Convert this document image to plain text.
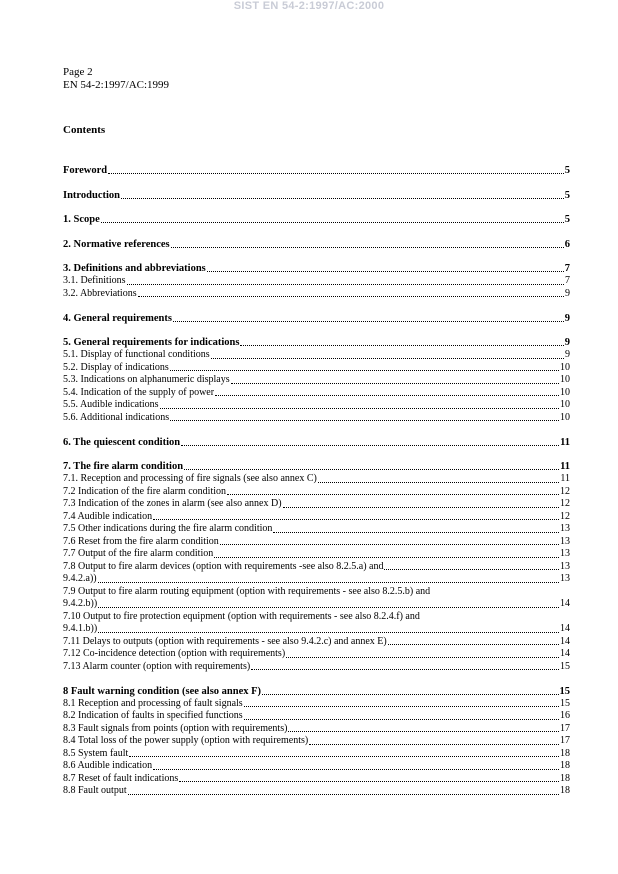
SIST EN 54-2:1997/AC:2000
Page 2
EN 54-2:1997/AC:1999
Contents
Foreword	5
Introduction	5
1. Scope	5
2. Normative references	6
3. Definitions and abbreviations	7
3.1. Definitions	7
3.2. Abbreviations	9
4. General requirements	9
5. General requirements for indications	9
5.1. Display of functional conditions	9
5.2. Display of indications	10
5.3. Indications on alphanumeric displays	10
5.4. Indication of the supply of power	10
5.5. Audible indications	10
5.6. Additional indications	10
6. The quiescent condition	11
7. The fire alarm condition	11
7.1. Reception and processing of fire signals (see also annex C)	11
7.2 Indication of the fire alarm condition	12
7.3 Indication of the zones in alarm (see also annex D)	12
7.4 Audible indication	12
7.5 Other indications during the fire alarm condition	13
7.6 Reset from the fire alarm condition	13
7.7 Output of the fire alarm condition	13
7.8 Output to fire alarm devices (option with requirements -see also 8.2.5.a) and	13
9.4.2.a))	13
7.9 Output to fire alarm routing equipment (option with requirements - see also 8.2.5.b) and
9.4.2.b))	14
7.10 Output to fire protection equipment (option with requirements - see also 8.2.4.f) and
9.4.1.b))	14
7.11 Delays to outputs (option with requirements - see also 9.4.2.c) and annex E)	14
7.12 Co-incidence detection (option with requirements)	14
7.13 Alarm counter (option with requirements)	15
8 Fault warning condition (see also annex F)	15
8.1 Reception and processing of fault signals	15
8.2 Indication of faults in specified functions	16
8.3 Fault signals from points (option with requirements)	17
8.4 Total loss of the power supply (option with requirements)	17
8.5 System fault	18
8.6 Audible indication	18
8.7 Reset of fault indications	18
8.8 Fault output	18
